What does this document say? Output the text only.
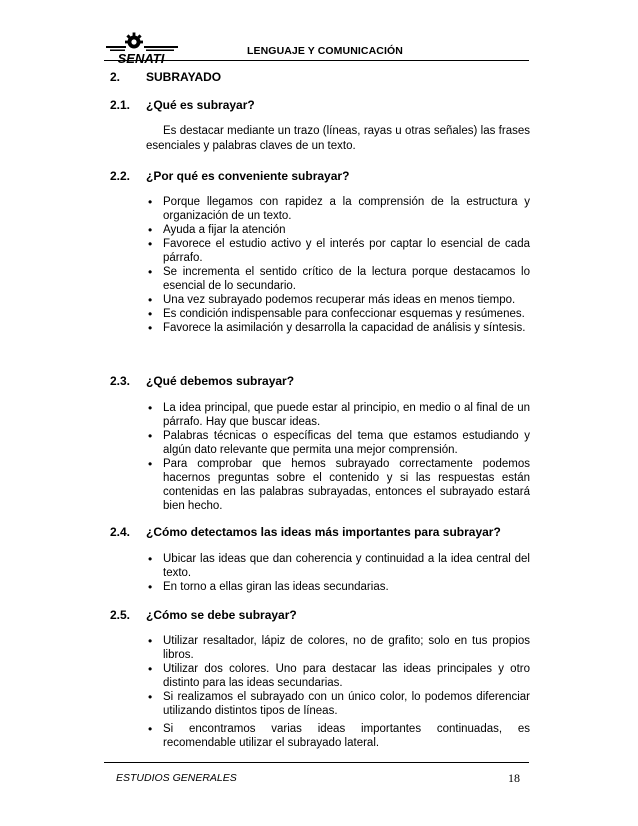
SENATI	LENGUAJE Y COMUNICACIÓN
2. SUBRAYADO
2.1. ¿Qué es subrayar?

Es destacar mediante un trazo (líneas, rayas u otras señales) las frases esenciales y palabras claves de un texto.

2.2. ¿Por qué es conveniente subrayar?
• Porque llegamos con rapidez a la comprensión de la estructura y organización de un texto.
• Ayuda a fijar la atención
• Favorece el estudio activo y el interés por captar lo esencial de cada párrafo.
• Se incrementa el sentido crítico de la lectura porque destacamos lo esencial de lo secundario.
• Una vez subrayado podemos recuperar más ideas en menos tiempo.
• Es condición indispensable para confeccionar esquemas y resúmenes.
• Favorece la asimilación y desarrolla la capacidad de análisis y síntesis.
2.3. ¿Qué debemos subrayar?
• La idea principal, que puede estar al principio, en medio o al final de un párrafo. Hay que buscar ideas.
• Palabras técnicas o específicas del tema que estamos estudiando y algún dato relevante que permita una mejor comprensión.
• Para comprobar que hemos subrayado correctamente podemos hacernos preguntas sobre el contenido y si las respuestas están contenidas en las palabras subrayadas, entonces el subrayado estará bien hecho.
2.4. ¿Cómo detectamos las ideas más importantes para subrayar?
• Ubicar las ideas que dan coherencia y continuidad a la idea central del texto.
• En torno a ellas giran las ideas secundarias.
2.5. ¿Cómo se debe subrayar?
• Utilizar resaltador, lápiz de colores, no de grafito; solo en tus propios libros.
• Utilizar dos colores. Uno para destacar las ideas principales y otro distinto para las ideas secundarias.
• Si realizamos el subrayado con un único color, lo podemos diferenciar utilizando distintos tipos de líneas.
• Si encontramos varias ideas importantes continuadas, es recomendable utilizar el subrayado lateral.
ESTUDIOS GENERALES	18
